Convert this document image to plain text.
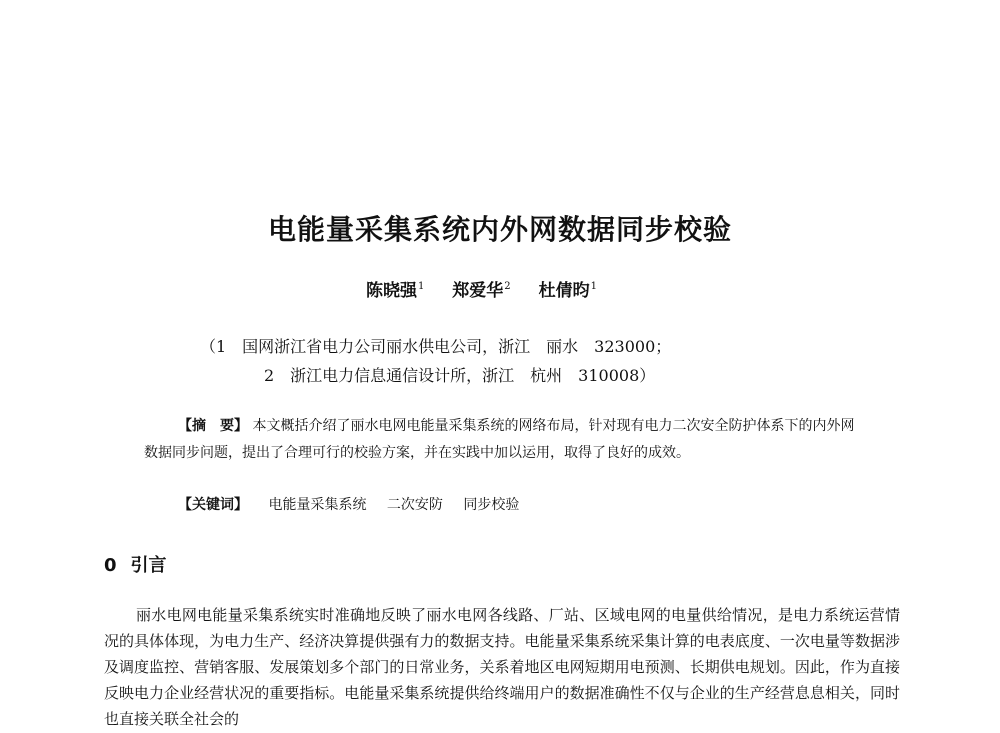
电能量采集系统内外网数据同步校验
陈晓强$^1$ 郑爱华$^2$ 杜倩昀$^1$
（1　国网浙江省电力公司丽水供电公司，浙江　丽水　323000；
2　浙江电力信息通信设计所，浙江　杭州　310008）
【摘　要】 本文概括介绍了丽水电网电能量采集系统的网络布局，针对现有电力二次安全防护体系下的内外网数据同步问题，提出了合理可行的校验方案，并在实践中加以运用，取得了良好的成效。
【关键词】 电能量采集系统 二次安防 同步校验
0 引言
丽水电网电能量采集系统实时准确地反映了丽水电网各线路、厂站、区域电网的电量供给情况，是电力系统运营情况的具体体现，为电力生产、经济决算提供强有力的数据支持。电能量采集系统采集计算的电表底度、一次电量等数据涉及调度监控、营销客服、发展策划多个部门的日常业务，关系着地区电网短期用电预测、长期供电规划。因此，作为直接反映电力企业经营状况的重要指标。电能量采集系统提供给终端用户的数据准确性不仅与企业的生产经营息息相关，同时也直接关联全社会的
